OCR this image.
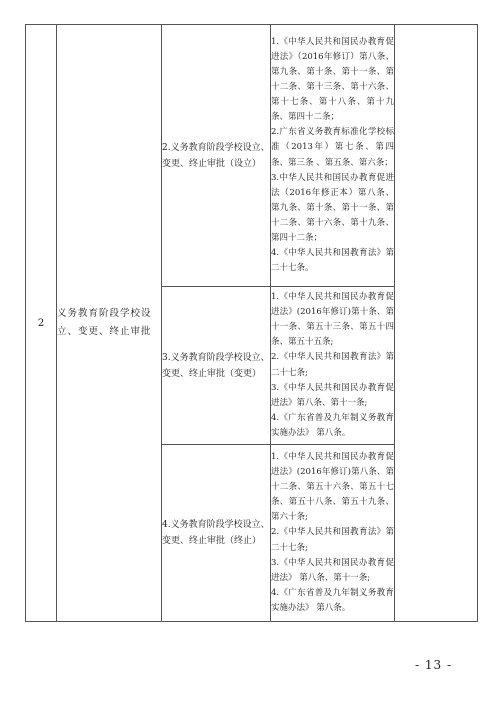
2	义务教育阶段学校设立、变更、终止审批	2.义务教育阶段学校设立、变更、终止审批（设立）	1.《中华人民共和国民办教育促进法》（2016年修订）第八条、第九条、第十条、第十一条、第十二条、第十三条、第十六条、第十七条、第十八条、第十九条、第四十二条；
2.广东省义务教育标准化学校标准（2013年）第七条、第四条、第三条 、第五条、第六条；
3.中华人民共和国民办教育促进法（2016年修正本）第八条、第九条、第十条、第十一条、第十二条、第十六条、第十九条、第四十二条；
4.《中华人民共和国教育法》第二十七条。	

		3.义务教育阶段学校设立、变更、终止审批（变更）	1.《中华人民共和国民办教育促进法》(2016年修订)第十条、第十一条、第五十三条、第五十四条、第五十五条;
2.《中华人民共和国教育法》第二十七条;
3.《中华人民共和国民办教育促进法》第八条、第十一条;
4.《广东省普及九年制义务教育实施办法》 第八条。	

		4.义务教育阶段学校设立、变更、终止审批（终止）	1.《中华人民共和国民办教育促进法》(2016年修订)第八条、第十二条、第五十六条、第五十七条、第五十八条、第五十九条、第六十条;
2.《中华人民共和国教育法》第二十七条;
3.《中华人民共和国民办教育促进法》 第八条、第十一条;
4.《广东省普及九年制义务教育实施办法》 第八条。	
- 13 -
